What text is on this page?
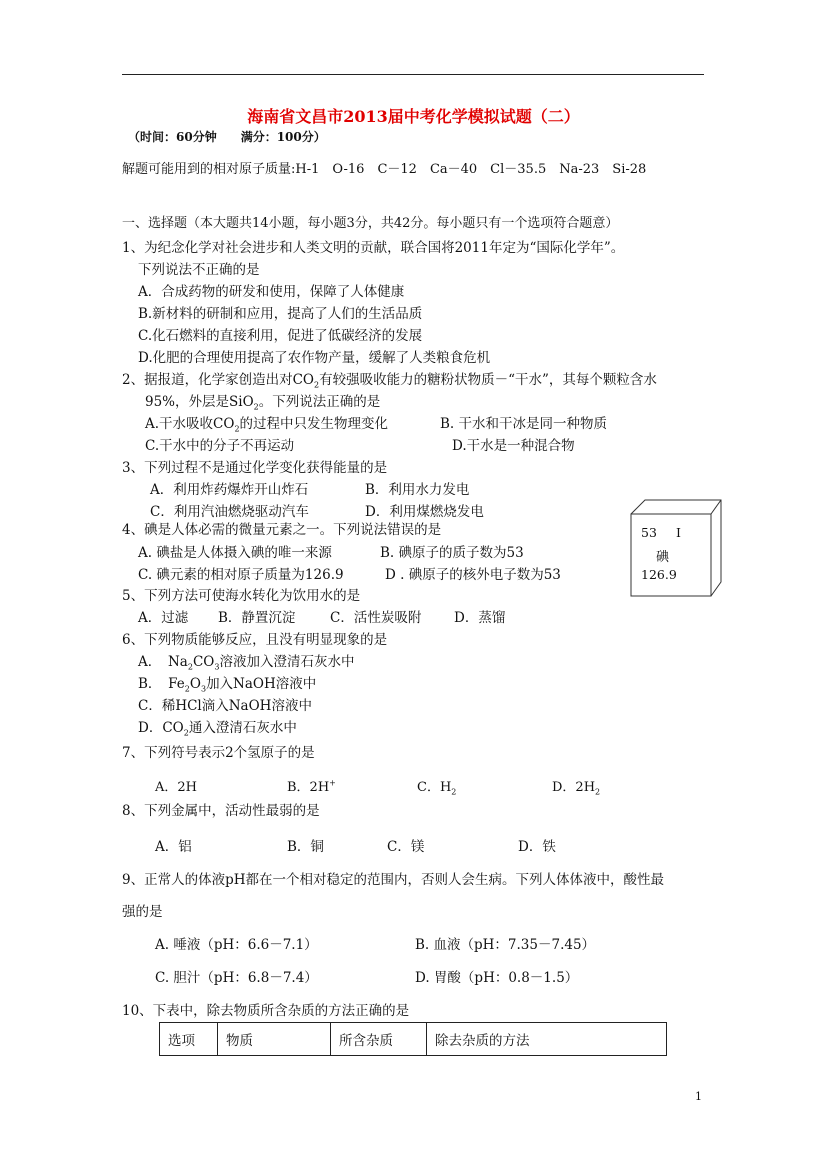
海南省文昌市2013届中考化学模拟试题（二）
（时间：60分钟　　满分：100分）
解题可能用到的相对原子质量:H-1　O-16　C－12　Ca－40　Cl－35.5　Na-23　Si-28
一、选择题（本大题共14小题，每小题3分，共42分。每小题只有一个选项符合题意）
1、为纪念化学对社会进步和人类文明的贡献，联合国将2011年定为“国际化学年”。
下列说法不正确的是
A．合成药物的研发和使用，保障了人体健康
B.新材料的研制和应用，提高了人们的生活品质
C.化石燃料的直接利用，促进了低碳经济的发展
D.化肥的合理使用提高了农作物产量，缓解了人类粮食危机
2、据报道，化学家创造出对$CO_2$有较强吸收能力的糖粉状物质－“干水”，其每个颗粒含水
95%，外层是SiO$_2$。下列说法正确的是
A.干水吸收$CO_2$的过程中只发生物理变化	B. 干水和干冰是同一种物质
C.干水中的分子不再运动	D.干水是一种混合物
3、下列过程不是通过化学变化获得能量的是
A．利用炸药爆炸开山炸石	B．利用水力发电
C．利用汽油燃烧驱动汽车	D．利用煤燃烧发电
53 I
碘
126.9
4、碘是人体必需的微量元素之一。下列说法错误的是
A. 碘盐是人体摄入碘的唯一来源	B. 碘原子的质子数为53
C. 碘元素的相对原子质量为126.9	D . 碘原子的核外电子数为53
5、下列方法可使海水转化为饮用水的是
A．过滤 B．静置沉淀	C．活性炭吸附 D．蒸馏
6、下列物质能够反应，且没有明显现象的是
A．　$Na_2CO_3$溶液加入澄清石灰水中
B．　$Fe_2O_3$加入NaOH溶液中
C．稀HCl滴入NaOH溶液中
D．$CO_2$通入澄清石灰水中
7、下列符号表示2个氢原子的是
A．2H	B．2H+	C．$H_2$	D．$2H_2$
8、下列金属中，活动性最弱的是
A．铝	B．铜	C．镁	D．铁
9、正常人的体液pH都在一个相对稳定的范围内，否则人会生病。下列人体体液中，酸性最
强的是
A. 唾液（pH：6.6－7.1）	B. 血液（pH：7.35－7.45）
C. 胆汁（pH：6.8－7.4）	D. 胃酸（pH：0.8－1.5）
10、下表中，除去物质所含杂质的方法正确的是
选项	物质	所含杂质	除去杂质的方法
1
